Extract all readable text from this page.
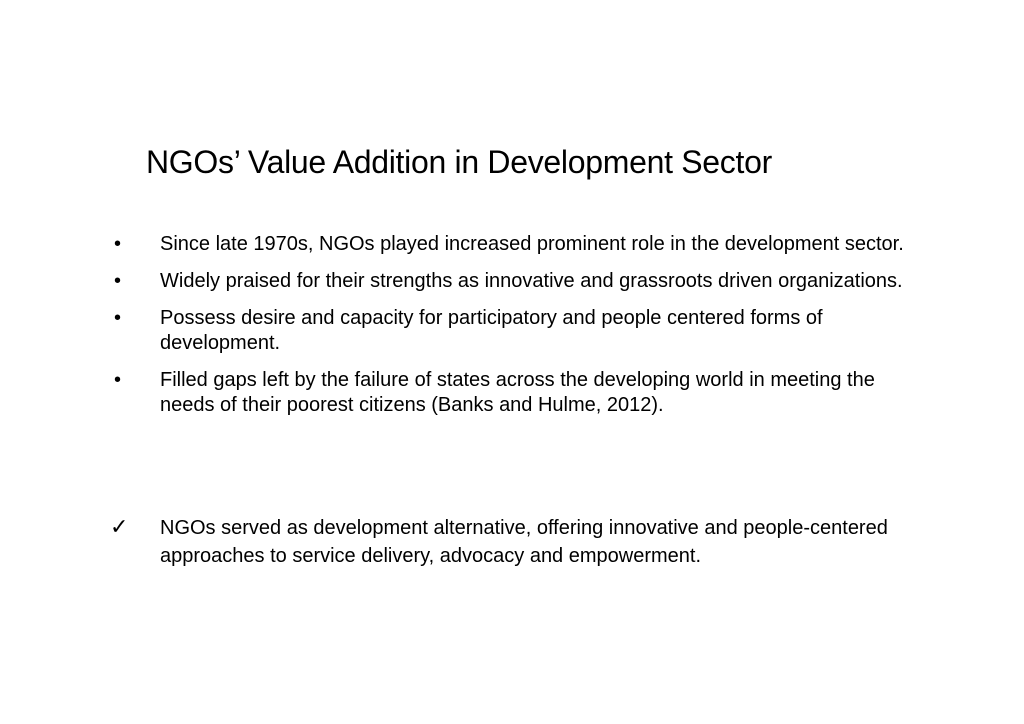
NGOs’ Value Addition in Development Sector
•	Since late 1970s, NGOs played increased prominent role in the development sector.
•	Widely praised for their strengths as innovative and grassroots driven organizations.
•	Possess desire and capacity for participatory and people centered forms of development.
•	Filled gaps left by the failure of states across the developing world in meeting the needs of their poorest citizens (Banks and Hulme, 2012).
✓ NGOs served as development alternative, offering innovative and people-centered approaches to service delivery, advocacy and empowerment.
